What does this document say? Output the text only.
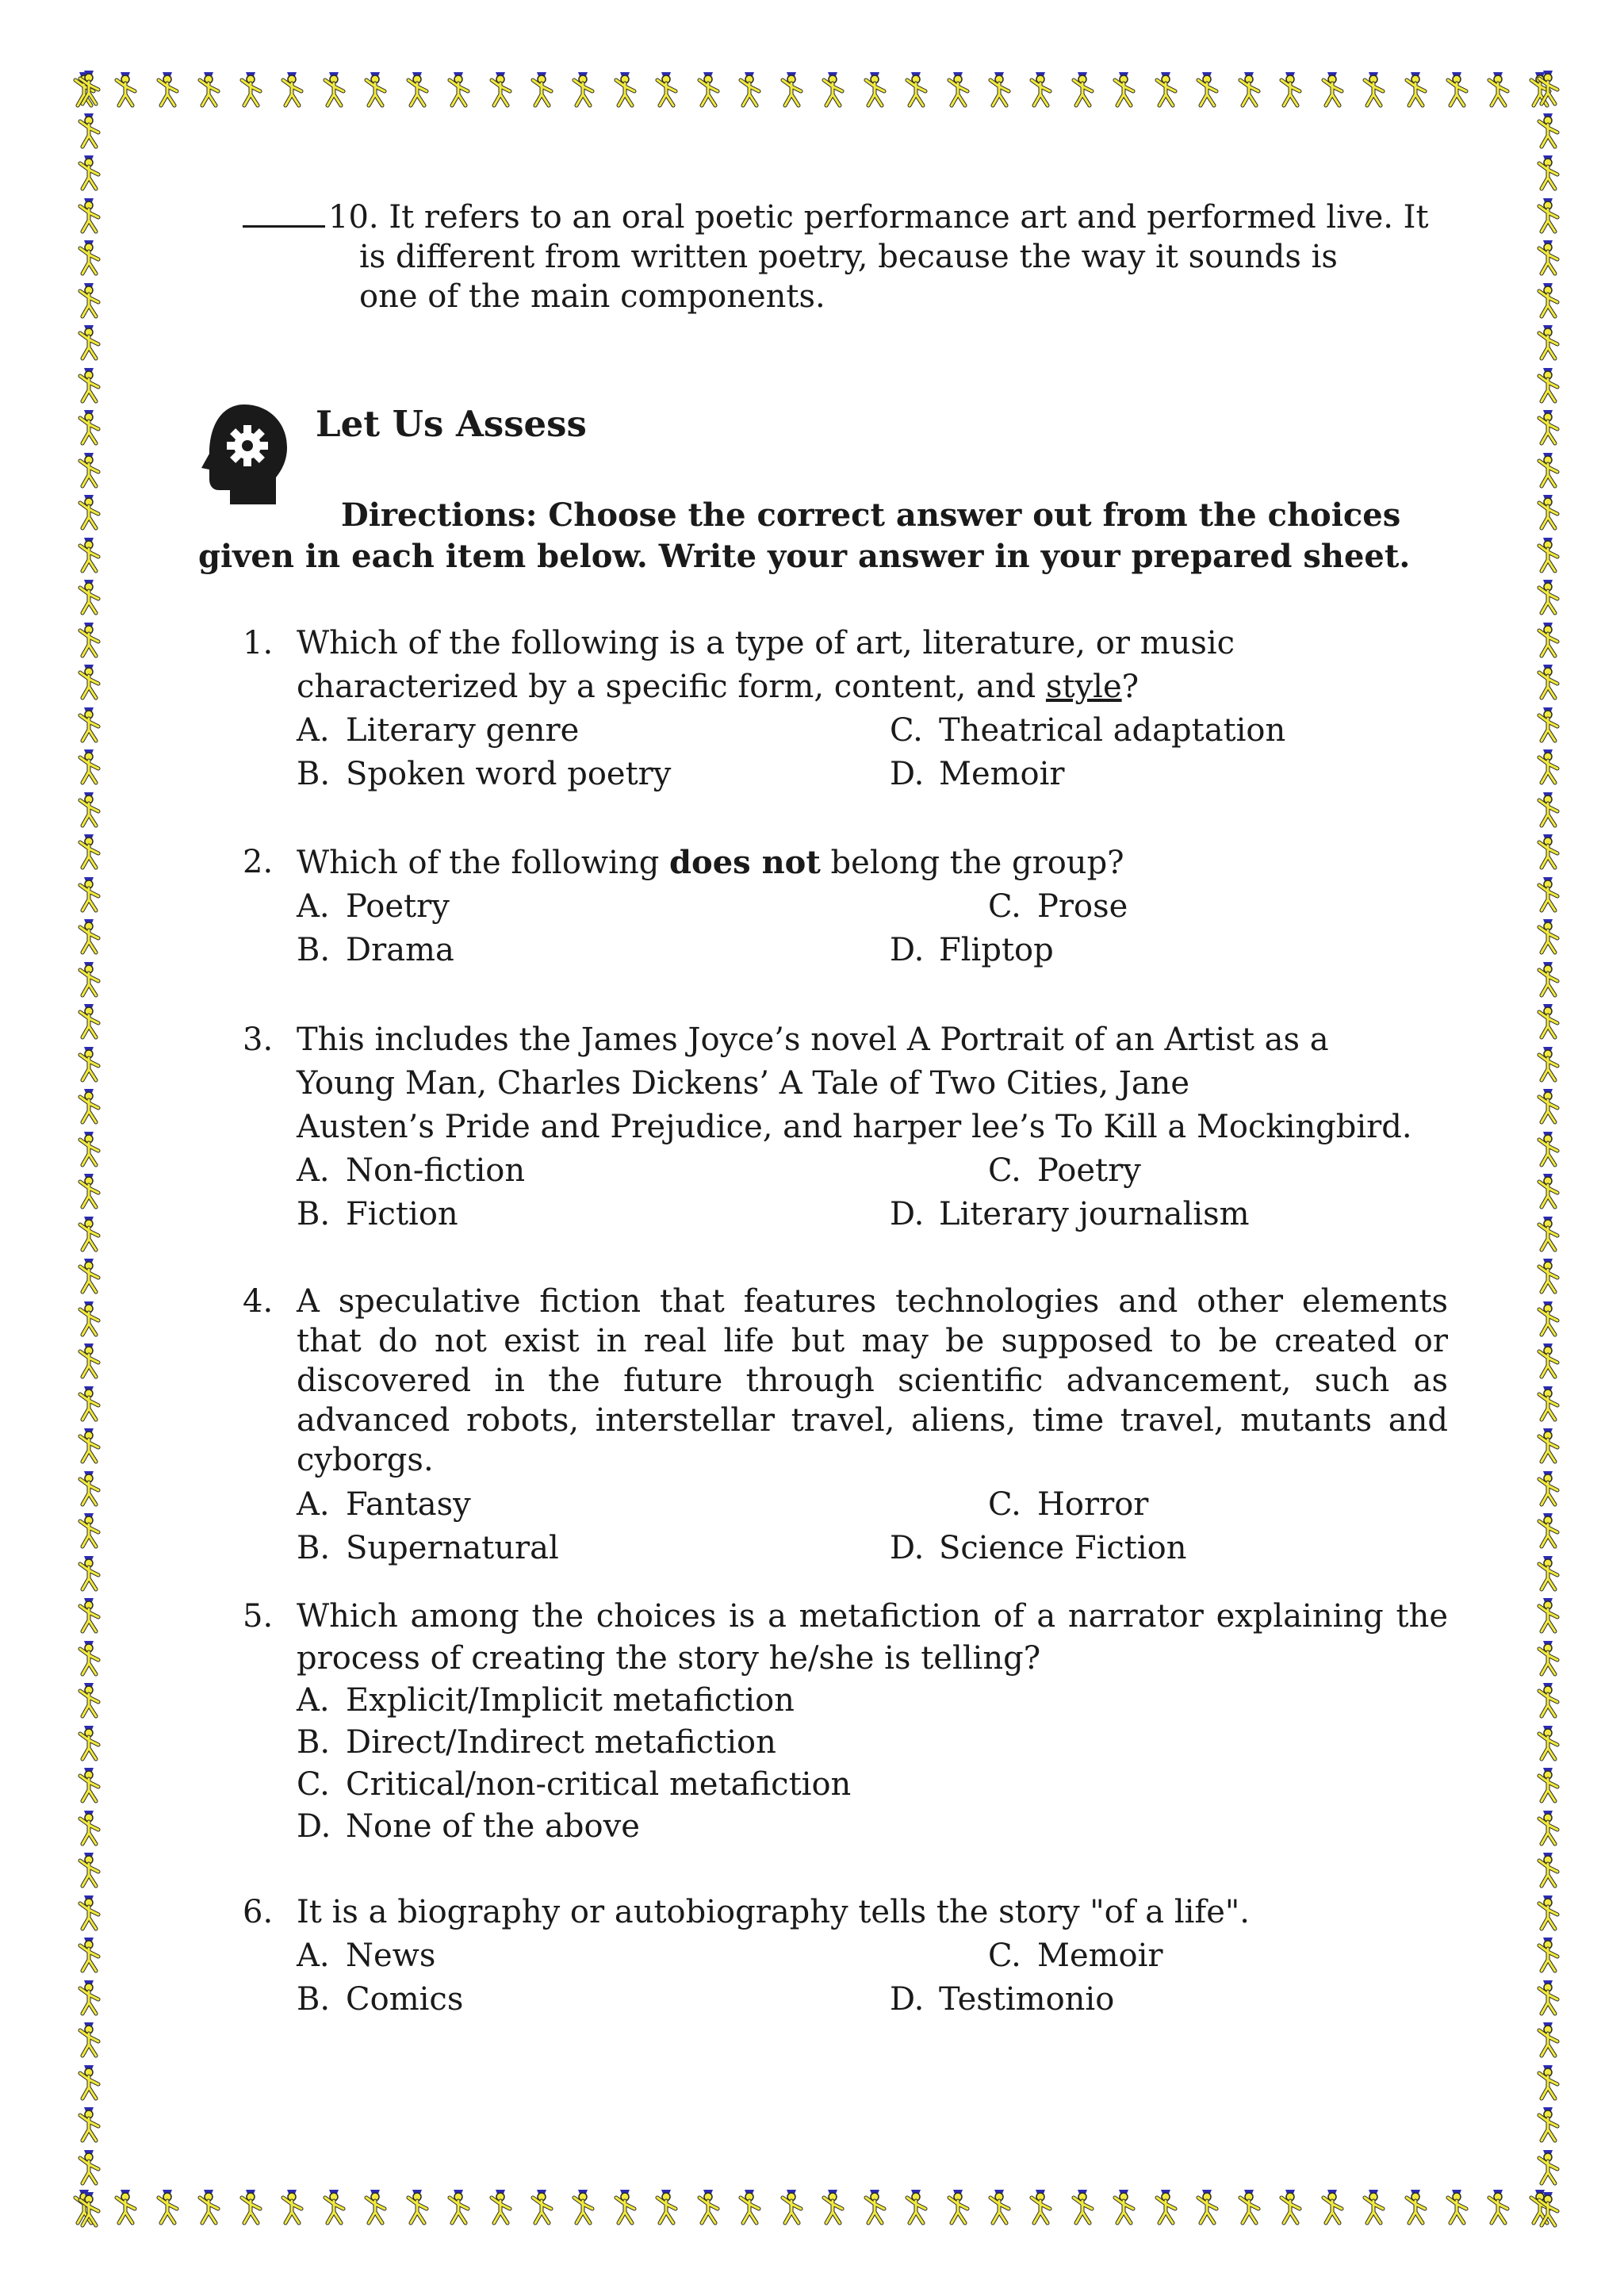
10. It refers to an oral poetic performance art and performed live. It
is different from written poetry, because the way it sounds is
one of the main components.
Let Us Assess
Directions: Choose the correct answer out from the choices
given in each item below. Write your answer in your prepared sheet.
1. Which of the following is a type of art, literature, or music characterized by a specific form, content, and style?
A. Literary genre
B. Spoken word poetry
C. Theatrical adaptation
D. Memoir
2. Which of the following does not belong the group?
A. Poetry
B. Drama
C. Prose
D. Fliptop
3. This includes the James Joyce’s novel A Portrait of an Artist as a
Young Man, Charles Dickens’ A Tale of Two Cities, Jane
Austen’s Pride and Prejudice, and harper lee’s To Kill a Mockingbird.
A. Non-fiction
B. Fiction
C. Poetry
D. Literary journalism
4. A speculative fiction that features technologies and other elements that do not exist in real life but may be supposed to be created or discovered in the future through scientific advancement, such as advanced robots, interstellar travel, aliens, time travel, mutants and cyborgs.
A. Fantasy
B. Supernatural
C. Horror
D. Science Fiction
5. Which among the choices is a metafiction of a narrator explaining the process of creating the story he/she is telling?
A. Explicit/Implicit metafiction
B. Direct/Indirect metafiction
C. Critical/non-critical metafiction
D. None of the above
6. It is a biography or autobiography tells the story "of a life".
A. News
B. Comics
C. Memoir
D. Testimonio
